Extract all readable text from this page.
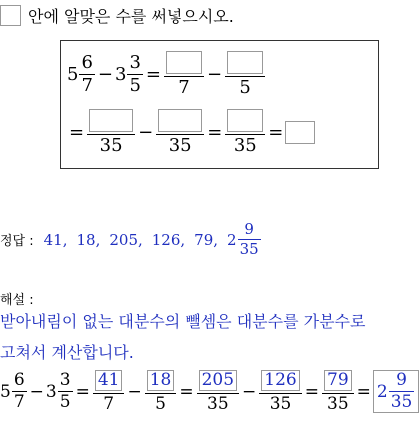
안에 알맞은 수를 써넣으시오.
$5 \frac{6}{7} - 3 \frac{3}{5}$ =
7
−
5
=
35
−
35
=
35
=
정답 : 41, 18, 205, 126, 79, $2 \frac{9}{35}$
해설 :
받아내림이 없는 대분수의 뺄셈은 대분수를 가분수로
고쳐서 계산합니다.
$5 \frac{6}{7} - 3 \frac{3}{5} = \frac{41}{7} - \frac{18}{5} = \frac{205}{35} - \frac{126}{35} = \frac{79}{35} = 2 \frac{9}{35}$
